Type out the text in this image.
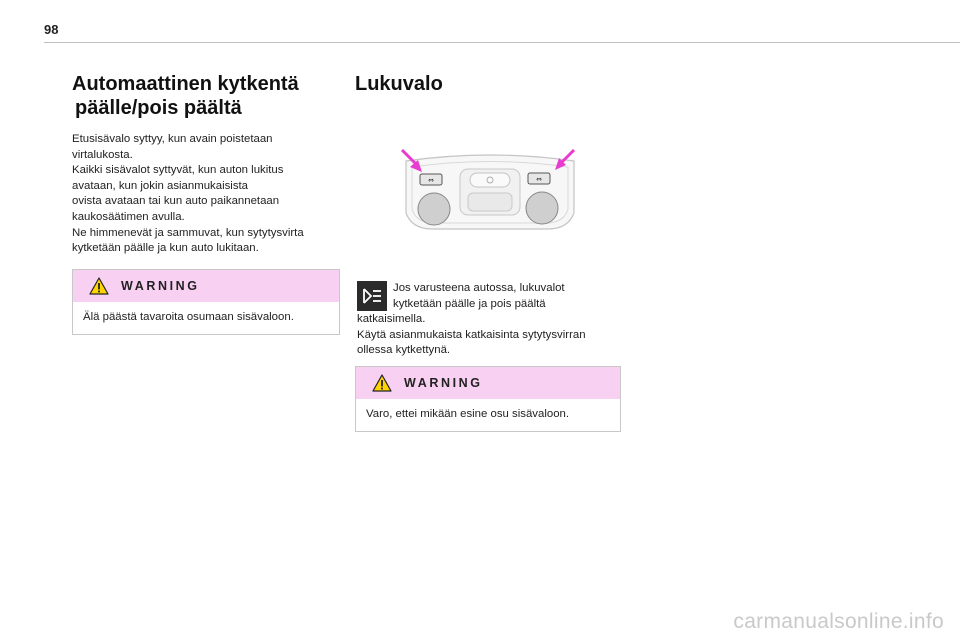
98
Automaattinen kytkentä
päälle/pois päältä
Etusisävalo syttyy, kun avain poistetaan
virtalukosta.
Kaikki sisävalot syttyvät, kun auton lukitus
avataan, kun jokin asianmukaisista
ovista avataan tai kun auto paikannetaan
kaukosäätimen avulla.
Ne himmenevät ja sammuvat, kun sytytysvirta
kytketään päälle ja kun auto lukitaan.
WARNING
Älä päästä tavaroita osumaan sisävaloon.
Lukuvalo
⇔	⇔
Jos varusteena autossa, lukuvalot
kytketään päälle ja pois päältä
katkaisimella.
Käytä asianmukaista katkaisinta sytytysvirran
ollessa kytkettynä.
WARNING
Varo, ettei mikään esine osu sisävaloon.
carmanualsonline.info
